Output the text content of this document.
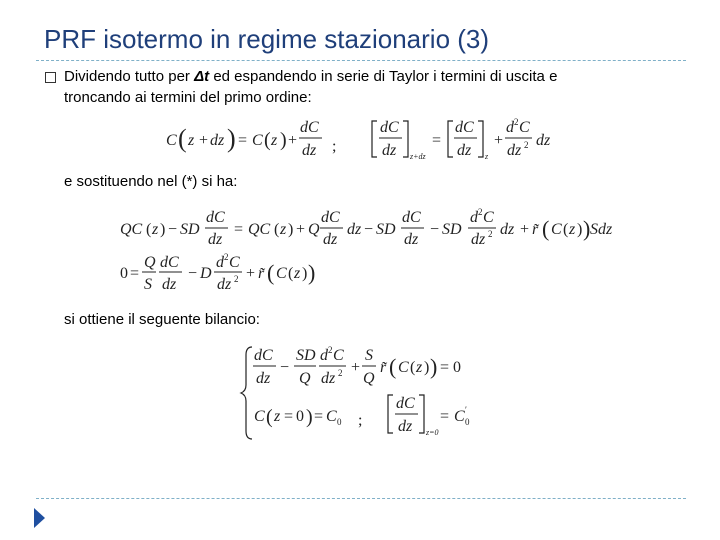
PRF isotermo in regime stazionario (3)
Dividendo tutto per Δt ed espandendo in serie di Taylor i termini di uscita e
troncando ai termini del primo ordine:
C ( z + dz ) = C ( z ) +
dC
dz ;
dC
dz z+dz
=
dC
dz z
+
d 2 C
dz 2 dz
e sostituendo nel (*) si ha:
QC ( z ) − SD
dC
dz
= QC ( z ) + Q
dC
dz
dz − SD
dC
dz
− SD
d 2 C
dz 2 dz + r̃ ( C ( z ) ) Sdz
0 =
Q
S
dC
dz
− D
d 2 C
dz 2 + r̃ ( C ( z ) )
si ottiene il seguente bilancio:
dC
dz
−
SD
Q
d 2 C
dz 2 +
S
Q
r̃ ( C ( z ) ) = 0
C ( z = 0 ) = C 0 ;
dC
dz z=0
= C ′
0
